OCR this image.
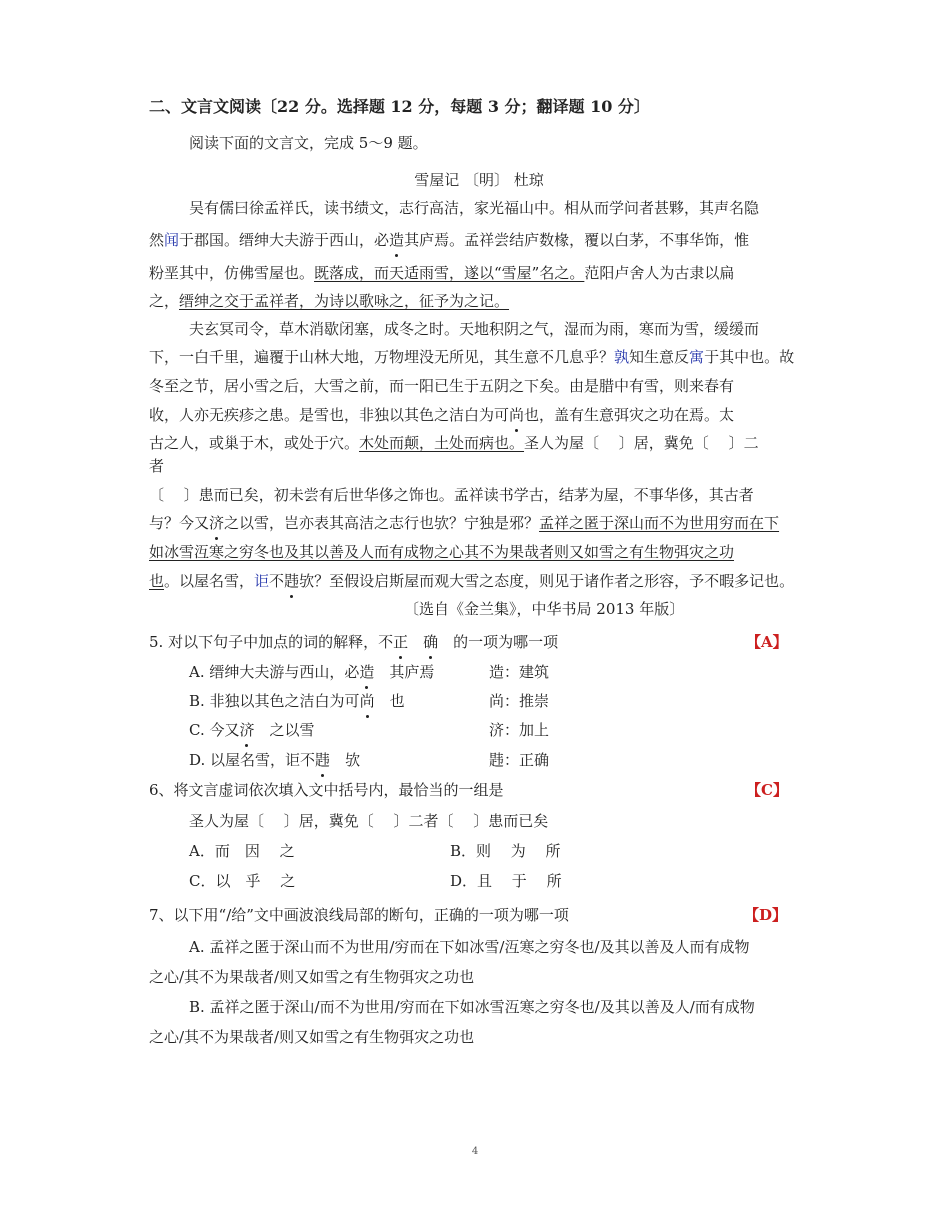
二、文言文阅读〔22 分。选择题 12 分，每题 3 分；翻译题 10 分〕
阅读下面的文言文，完成 5～9 题。
雪屋记 〔明〕 杜琼
吴有儒曰徐孟祥氏，读书绩文，志行高洁，家光福山中。相从而学问者甚夥，其声名隐
然闻于郡国。缙绅大夫游于西山，必造其庐焉。孟祥尝结庐数椽，覆以白茅，不事华饰，惟
粉垩其中，仿佛雪屋也。既落成，而天适雨雪，遂以“雪屋”名之。范阳卢舍人为古隶以扁
之，缙绅之交于孟祥者，为诗以歌咏之，征予为之记。
夫玄冥司令，草木消歇闭塞，成冬之时。天地积阴之气，湿而为雨，寒而为雪，缓缓而
下，一白千里，遍覆于山林大地，万物埋没无所见，其生意不几息乎？孰知生意反寓于其中也。故
冬至之节，居小雪之后，大雪之前，而一阳已生于五阴之下矣。由是腊中有雪，则来春有
收，人亦无疾疹之患。是雪也，非独以其色之洁白为可尚也，盖有生意弭灾之功在焉。太
古之人，或巢于木，或处于穴。木处而颠，土处而病也。圣人为屋〔　 〕居，冀免〔　 〕二
者
〔　 〕患而已矣，初未尝有后世华侈之饰也。孟祥读书学古，结茅为屋，不事华侈，其古者
与？今又济之以雪，岂亦表其高洁之志行也欤？宁独是邪？孟祥之匿于深山而不为世用穷而在下
如冰雪沍寒之穷冬也及其以善及人而有成物之心其不为果哉者则又如雪之有生物弭灾之功
也。以屋名雪，讵不韪欤？至假设启斯屋而观大雪之态度，则见于诸作者之形容，予不暇多记也。
〔选自《金兰集》，中华书局 2013 年版〕
5. 对以下句子中加点的词的解释，不正　 确　 的一项为哪一项	【A】
A. 缙绅大夫游与西山，必造　 其庐焉	造：建筑
B. 非独以其色之洁白为可尚　 也	尚：推崇
C. 今又济　 之以雪	济：加上
D. 以屋名雪，讵不韪　 欤	韪：正确
6、将文言虚词依次填入文中括号内，最恰当的一组是	【C】
圣人为屋〔　 〕居，冀免〔　 〕二者〔　 〕患而已矣
A．而　因　 之	B．则　 为　 所
C．以　乎　 之	D．且　 于　 所
7、以下用“/给”文中画波浪线局部的断句，正确的一项为哪一项	【D】
A. 孟祥之匿于深山而不为世用/穷而在下如冰雪/沍寒之穷冬也/及其以善及人而有成物
之心/其不为果哉者/则又如雪之有生物弭灾之功也
B. 孟祥之匿于深山/而不为世用/穷而在下如冰雪沍寒之穷冬也/及其以善及人/而有成物
之心/其不为果哉者/则又如雪之有生物弭灾之功也
4
